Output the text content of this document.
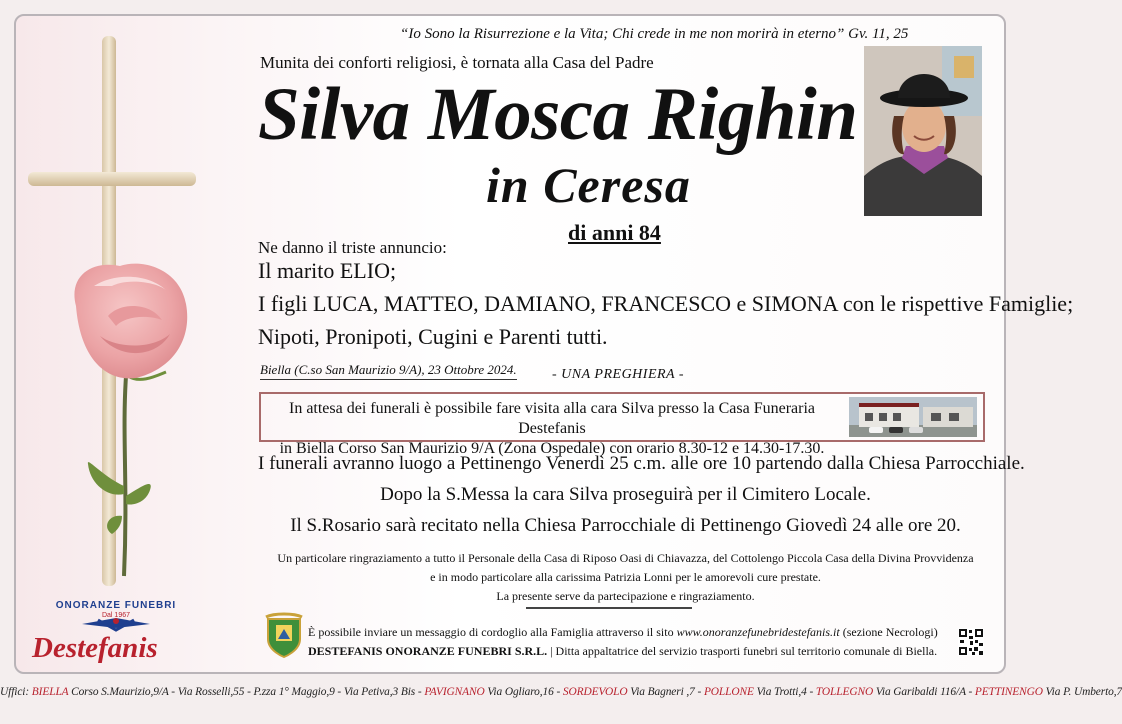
“Io Sono la Risurrezione e la Vita; Chi crede in me non morirà in eterno” Gv. 11, 25
Munita dei conforti religiosi, è tornata alla Casa del Padre
Silva Mosca Righin
in Ceresa
di anni 84
Ne danno il triste annuncio:
Il marito ELIO;
I figli LUCA, MATTEO, DAMIANO, FRANCESCO e SIMONA con le rispettive Famiglie;
Nipoti, Pronipoti, Cugini e Parenti tutti.
Biella (C.so San Maurizio 9/A), 23 Ottobre 2024.	- UNA PREGHIERA -
In attesa dei funerali è possibile fare visita alla cara Silva presso la Casa Funeraria Destefanis
in Biella Corso San Maurizio 9/A (Zona Ospedale) con orario 8.30-12 e 14.30-17.30.
I funerali avranno luogo a Pettinengo Venerdì 25 c.m. alle ore 10 partendo dalla Chiesa Parrocchiale.
Dopo la S.Messa la cara Silva proseguirà per il Cimitero Locale.
Il S.Rosario sarà recitato nella Chiesa Parrocchiale di Pettinengo Giovedì 24 alle ore 20.
Un particolare ringraziamento a tutto il Personale della Casa di Riposo Oasi di Chiavazza, del Cottolengo Piccola Casa della Divina Provvidenza
e in modo particolare alla carissima Patrizia Lonni per le amorevoli cure prestate.
La presente serve da partecipazione e ringraziamento.
È possibile inviare un messaggio di cordoglio alla Famiglia attraverso il sito www.onoranzefunebridestefanis.it (sezione Necrologi)
DESTEFANIS ONORANZE FUNEBRI S.R.L. | Ditta appaltatrice del servizio trasporti funebri sul territorio comunale di Biella.
ONORANZE FUNEBRI
Dal 1967
Destefanis
Uffici: BIELLA Corso S.Maurizio,9/A - Via Rosselli,55 - P.zza 1° Maggio,9 - Via Petiva,3 Bis - PAVIGNANO Via Ogliaro,16 - SORDEVOLO Via Bagneri ,7 - POLLONE Via Trotti,4 - TOLLEGNO Via Garibaldi 116/A - PETTINENGO Via P. Umberto,7
